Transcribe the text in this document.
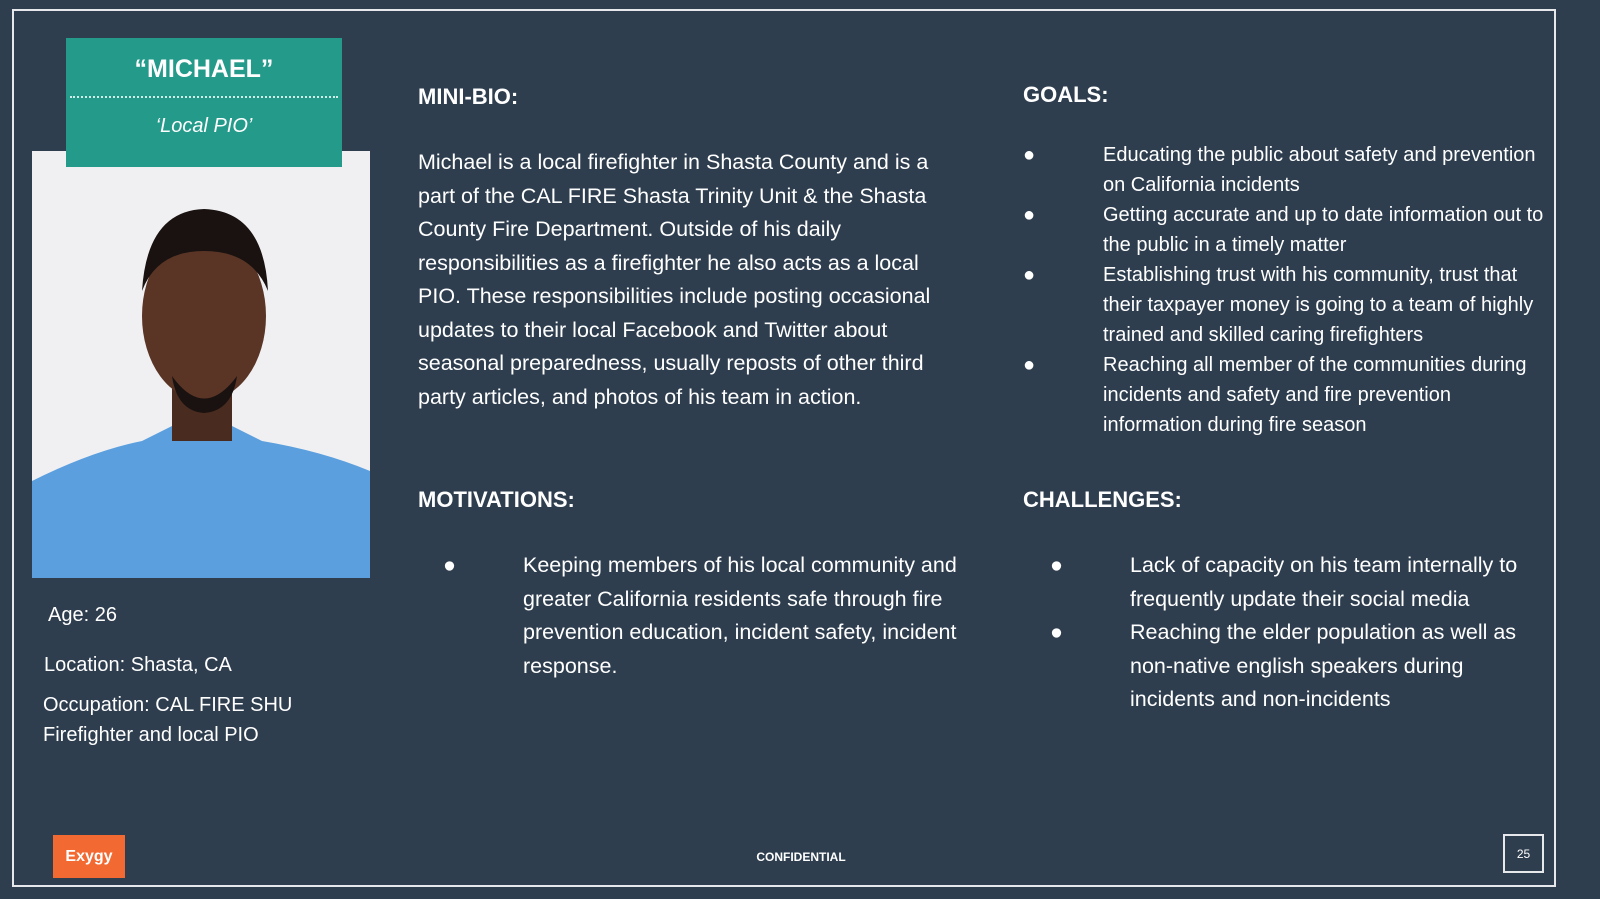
“MICHAEL”
‘Local PIO’
Age: 26
Location: Shasta, CA
Occupation: CAL FIRE SHU Firefighter and local PIO
MINI-BIO:
Michael is a local firefighter in Shasta County and is a part of the CAL FIRE Shasta Trinity Unit & the Shasta County Fire Department. Outside of his daily responsibilities as a firefighter he also acts as a local PIO. These responsibilities include posting occasional updates to their local Facebook and Twitter about seasonal preparedness, usually reposts of other third party articles, and photos of his team in action.
GOALS:
●	Educating the public about safety and prevention on California incidents
●	Getting accurate and up to date information out to the public in a timely matter
●	Establishing trust with his community, trust that their taxpayer money is going to a team of highly trained and skilled caring firefighters
●	Reaching all member of the communities during incidents and safety and fire prevention information during fire season
MOTIVATIONS:
●	Keeping members of his local community and greater California residents safe through fire prevention education, incident safety, incident response.
CHALLENGES:
●	Lack of capacity on his team internally to frequently update their social media
●	Reaching the elder population as well as non-native english speakers during incidents and non-incidents
Exygy	CONFIDENTIAL	25
